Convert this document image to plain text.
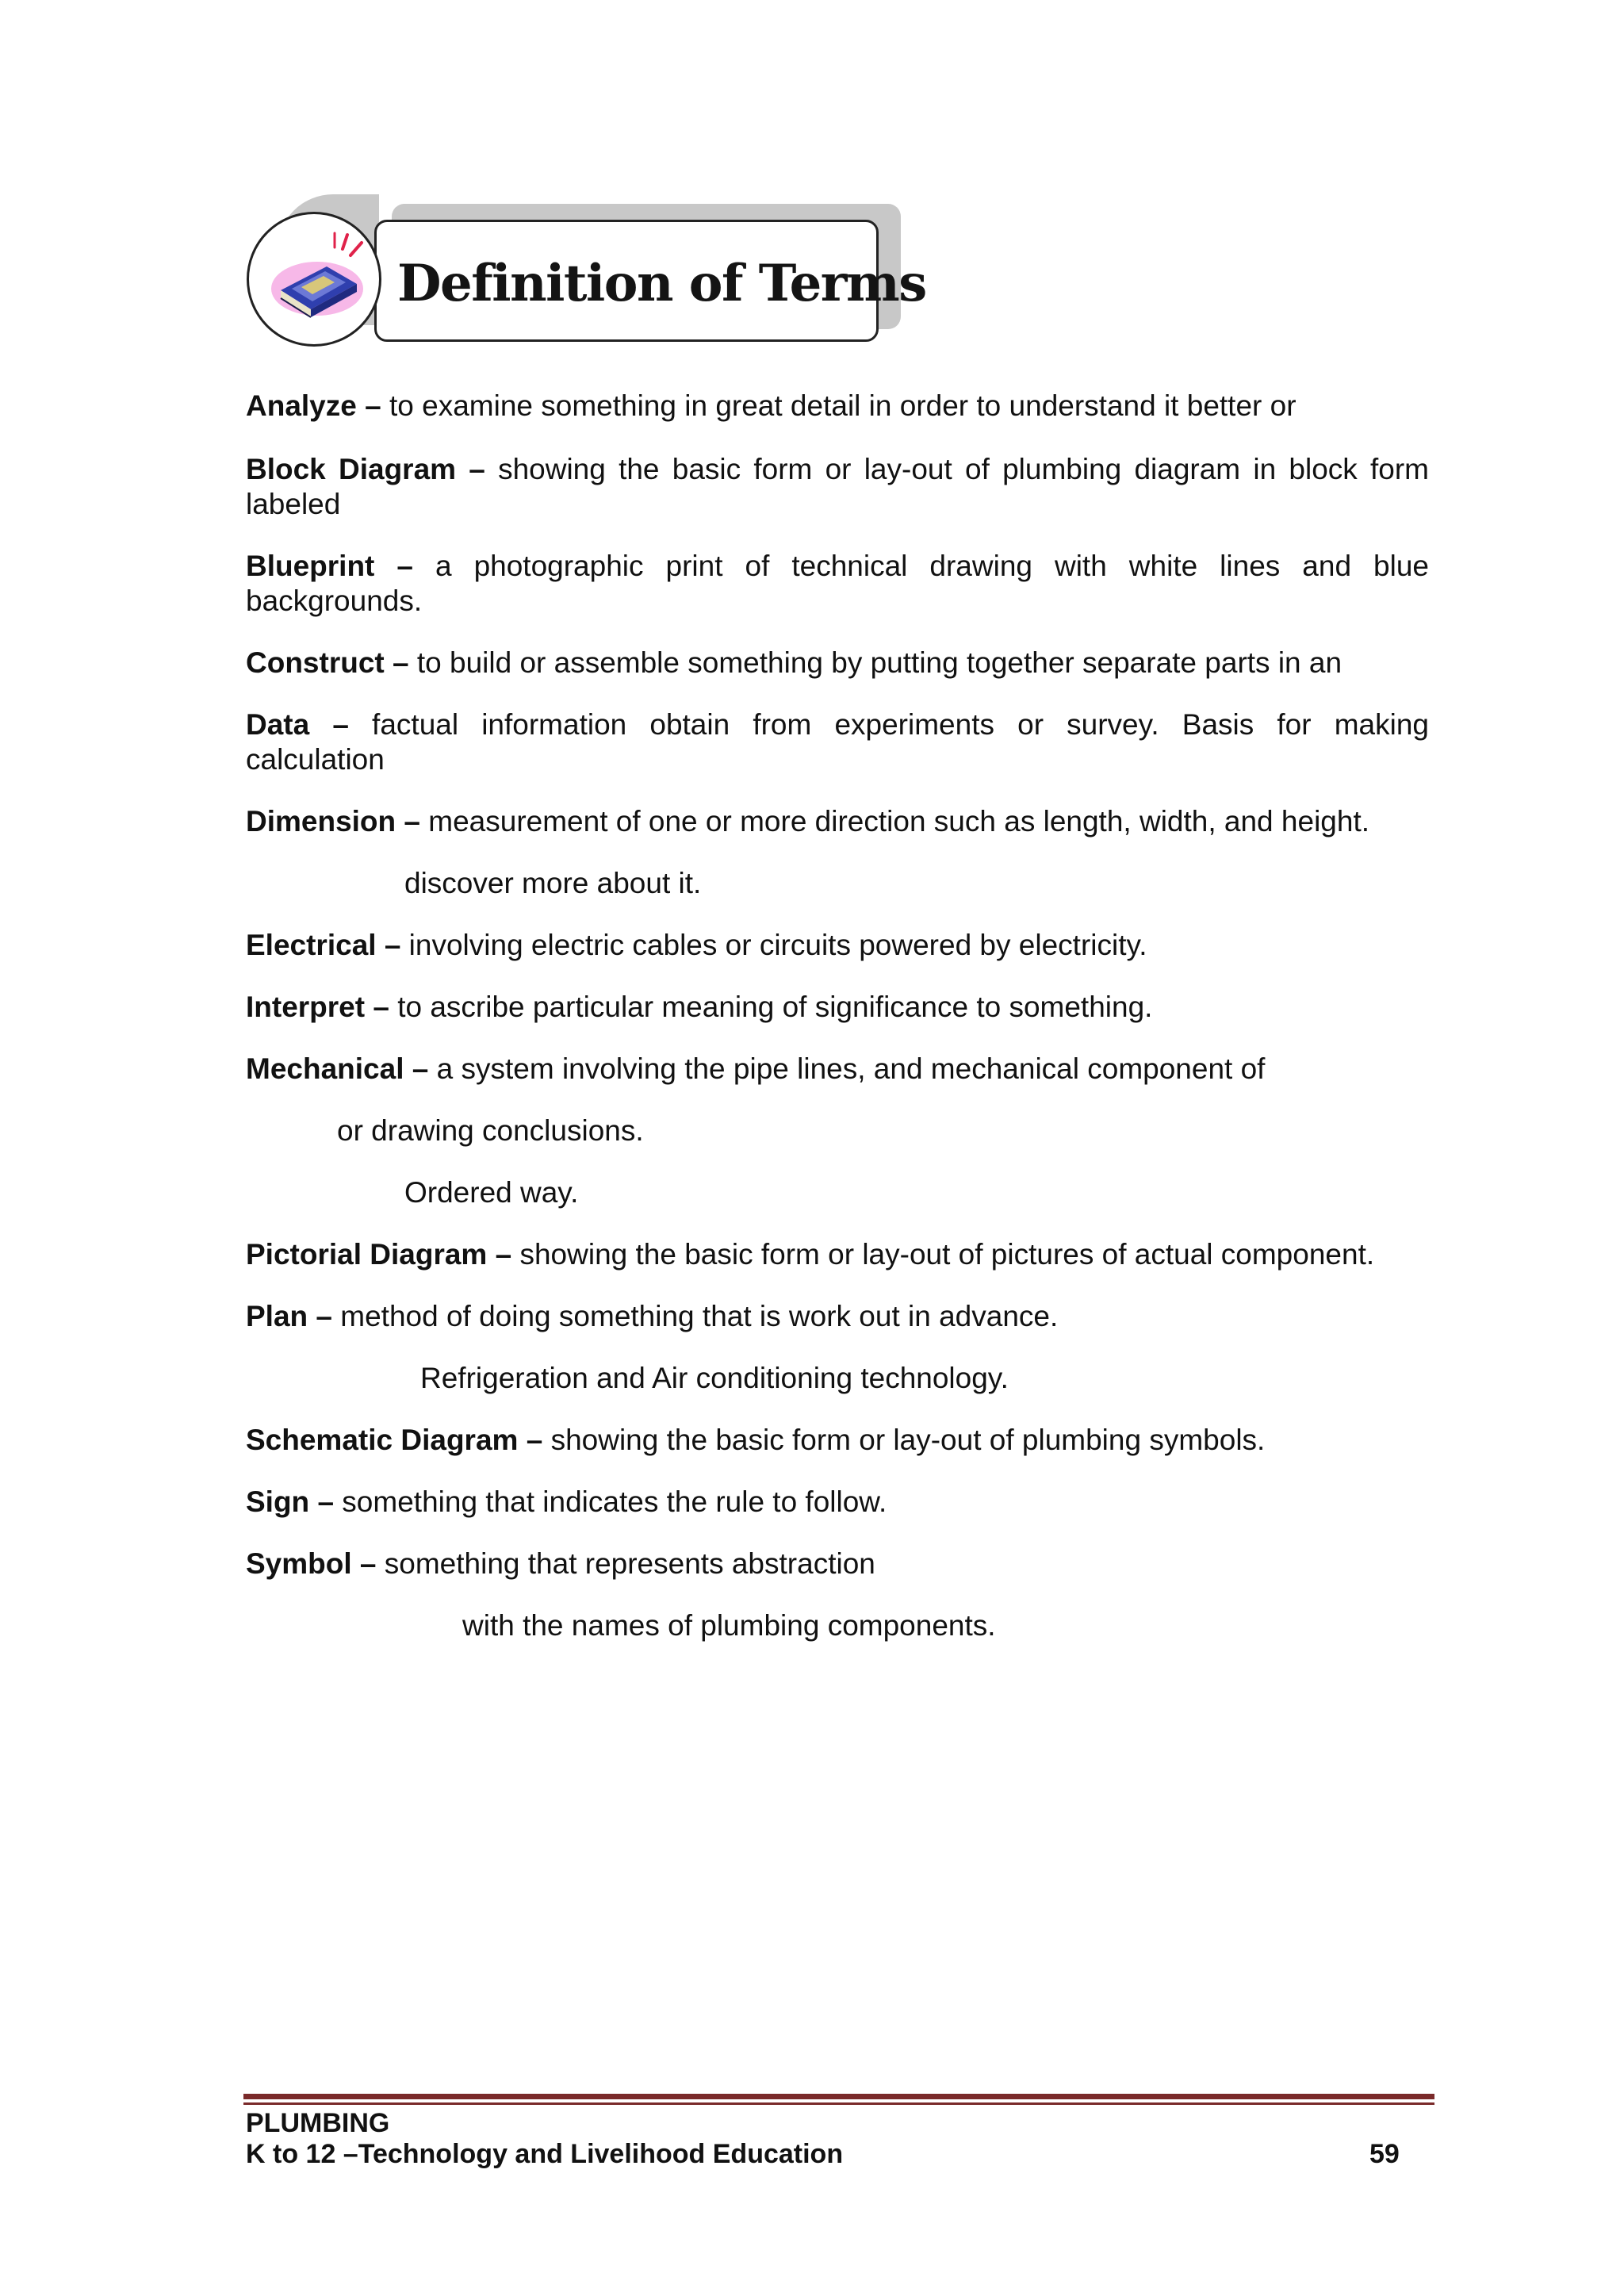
Definition of Terms
Analyze – to examine something in great detail in order to understand it better or
Block Diagram – showing the basic form or lay-out of plumbing diagram in block form
labeled
Blueprint – a photographic print of technical drawing with white lines and blue
backgrounds.
Construct – to build or assemble something by putting together separate parts in an
Data – factual information obtain from experiments or survey. Basis for making
calculation
Dimension – measurement of one or more direction such as length, width, and height.
discover more about it.
Electrical – involving electric cables or circuits powered by electricity.
Interpret – to ascribe particular meaning of significance to something.
Mechanical – a system involving the pipe lines, and mechanical component of
or drawing conclusions.
Ordered way.
Pictorial Diagram – showing the basic form or lay-out of pictures of actual component.
Plan – method of doing something that is work out in advance.
Refrigeration and Air conditioning technology.
Schematic Diagram – showing the basic form or lay-out of plumbing symbols.
Sign – something that indicates the rule to follow.
Symbol – something that represents abstraction
with the names of plumbing components.
PLUMBING
K to 12 –Technology and Livelihood Education	59
